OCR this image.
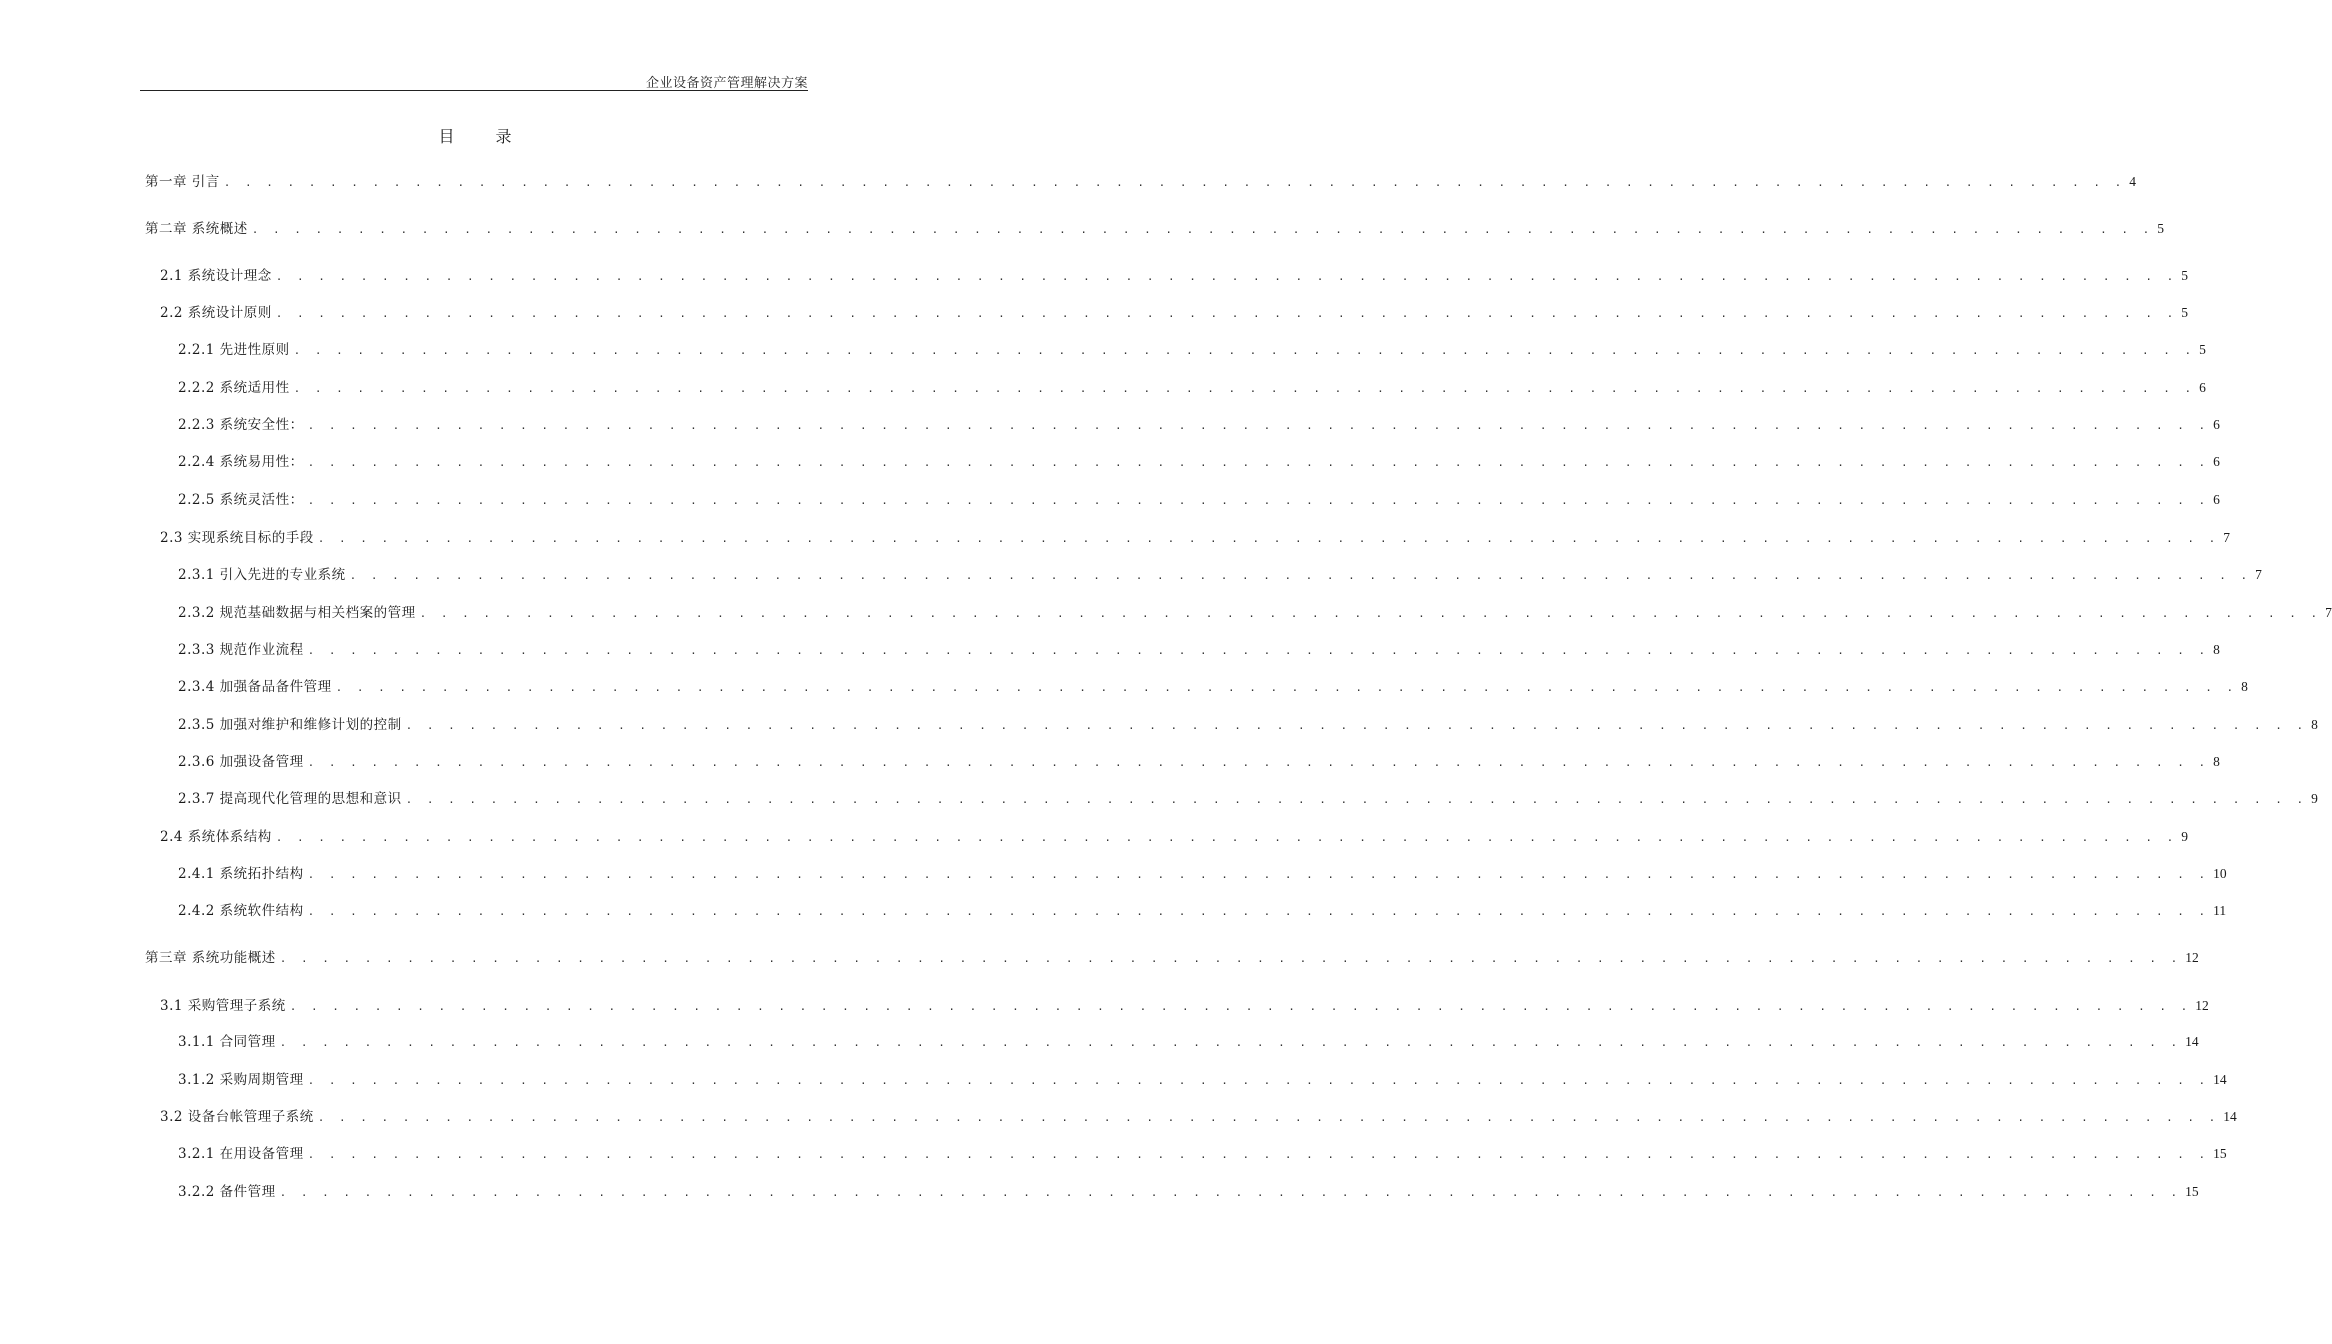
企业设备资产管理解决方案
目 录
第一章 引言 . . . . . . . . . . . . . . . . . . . . . . . . . . . . . . . . . . . . . . . . . . . . . . . . . . . . . . . . . . . . . . . . . . . . . . . . . . . . . . . . . . . . . . . . . . 4
第二章 系统概述 . . . . . . . . . . . . . . . . . . . . . . . . . . . . . . . . . . . . . . . . . . . . . . . . . . . . . . . . . . . . . . . . . . . . . . . . . . . . . . . . . . . . . . . . . . 5
2.1 系统设计理念 . . . . . . . . . . . . . . . . . . . . . . . . . . . . . . . . . . . . . . . . . . . . . . . . . . . . . . . . . . . . . . . . . . . . . . . . . . . . . . . . . . . . . . . . . . 5
2.2 系统设计原则 . . . . . . . . . . . . . . . . . . . . . . . . . . . . . . . . . . . . . . . . . . . . . . . . . . . . . . . . . . . . . . . . . . . . . . . . . . . . . . . . . . . . . . . . . . 5
2.2.1 先进性原则 . . . . . . . . . . . . . . . . . . . . . . . . . . . . . . . . . . . . . . . . . . . . . . . . . . . . . . . . . . . . . . . . . . . . . . . . . . . . . . . . . . . . . . . . . . 5
2.2.2 系统适用性 . . . . . . . . . . . . . . . . . . . . . . . . . . . . . . . . . . . . . . . . . . . . . . . . . . . . . . . . . . . . . . . . . . . . . . . . . . . . . . . . . . . . . . . . . . 6
2.2.3 系统安全性： . . . . . . . . . . . . . . . . . . . . . . . . . . . . . . . . . . . . . . . . . . . . . . . . . . . . . . . . . . . . . . . . . . . . . . . . . . . . . . . . . . . . . . . . . . 6
2.2.4 系统易用性： . . . . . . . . . . . . . . . . . . . . . . . . . . . . . . . . . . . . . . . . . . . . . . . . . . . . . . . . . . . . . . . . . . . . . . . . . . . . . . . . . . . . . . . . . . 6
2.2.5 系统灵活性： . . . . . . . . . . . . . . . . . . . . . . . . . . . . . . . . . . . . . . . . . . . . . . . . . . . . . . . . . . . . . . . . . . . . . . . . . . . . . . . . . . . . . . . . . . 6
2.3 实现系统目标的手段 . . . . . . . . . . . . . . . . . . . . . . . . . . . . . . . . . . . . . . . . . . . . . . . . . . . . . . . . . . . . . . . . . . . . . . . . . . . . . . . . . . . . . . . . . . 7
2.3.1 引入先进的专业系统 . . . . . . . . . . . . . . . . . . . . . . . . . . . . . . . . . . . . . . . . . . . . . . . . . . . . . . . . . . . . . . . . . . . . . . . . . . . . . . . . . . . . . . . . . . 7
2.3.2 规范基础数据与相关档案的管理 . . . . . . . . . . . . . . . . . . . . . . . . . . . . . . . . . . . . . . . . . . . . . . . . . . . . . . . . . . . . . . . . . . . . . . . . . . . . . . . . . . . . . . . . . . 7
2.3.3 规范作业流程 . . . . . . . . . . . . . . . . . . . . . . . . . . . . . . . . . . . . . . . . . . . . . . . . . . . . . . . . . . . . . . . . . . . . . . . . . . . . . . . . . . . . . . . . . . 8
2.3.4 加强备品备件管理 . . . . . . . . . . . . . . . . . . . . . . . . . . . . . . . . . . . . . . . . . . . . . . . . . . . . . . . . . . . . . . . . . . . . . . . . . . . . . . . . . . . . . . . . . . 8
2.3.5 加强对维护和维修计划的控制 . . . . . . . . . . . . . . . . . . . . . . . . . . . . . . . . . . . . . . . . . . . . . . . . . . . . . . . . . . . . . . . . . . . . . . . . . . . . . . . . . . . . . . . . . . 8
2.3.6 加强设备管理 . . . . . . . . . . . . . . . . . . . . . . . . . . . . . . . . . . . . . . . . . . . . . . . . . . . . . . . . . . . . . . . . . . . . . . . . . . . . . . . . . . . . . . . . . . 8
2.3.7 提高现代化管理的思想和意识 . . . . . . . . . . . . . . . . . . . . . . . . . . . . . . . . . . . . . . . . . . . . . . . . . . . . . . . . . . . . . . . . . . . . . . . . . . . . . . . . . . . . . . . . . . 9
2.4 系统体系结构 . . . . . . . . . . . . . . . . . . . . . . . . . . . . . . . . . . . . . . . . . . . . . . . . . . . . . . . . . . . . . . . . . . . . . . . . . . . . . . . . . . . . . . . . . . 9
2.4.1 系统拓扑结构 . . . . . . . . . . . . . . . . . . . . . . . . . . . . . . . . . . . . . . . . . . . . . . . . . . . . . . . . . . . . . . . . . . . . . . . . . . . . . . . . . . . . . . . . . . 10
2.4.2 系统软件结构 . . . . . . . . . . . . . . . . . . . . . . . . . . . . . . . . . . . . . . . . . . . . . . . . . . . . . . . . . . . . . . . . . . . . . . . . . . . . . . . . . . . . . . . . . . 11
第三章 系统功能概述 . . . . . . . . . . . . . . . . . . . . . . . . . . . . . . . . . . . . . . . . . . . . . . . . . . . . . . . . . . . . . . . . . . . . . . . . . . . . . . . . . . . . . . . . . . 12
3.1 采购管理子系统 . . . . . . . . . . . . . . . . . . . . . . . . . . . . . . . . . . . . . . . . . . . . . . . . . . . . . . . . . . . . . . . . . . . . . . . . . . . . . . . . . . . . . . . . . . 12
3.1.1 合同管理 . . . . . . . . . . . . . . . . . . . . . . . . . . . . . . . . . . . . . . . . . . . . . . . . . . . . . . . . . . . . . . . . . . . . . . . . . . . . . . . . . . . . . . . . . . 14
3.1.2 采购周期管理 . . . . . . . . . . . . . . . . . . . . . . . . . . . . . . . . . . . . . . . . . . . . . . . . . . . . . . . . . . . . . . . . . . . . . . . . . . . . . . . . . . . . . . . . . . 14
3.2 设备台帐管理子系统 . . . . . . . . . . . . . . . . . . . . . . . . . . . . . . . . . . . . . . . . . . . . . . . . . . . . . . . . . . . . . . . . . . . . . . . . . . . . . . . . . . . . . . . . . . 14
3.2.1 在用设备管理 . . . . . . . . . . . . . . . . . . . . . . . . . . . . . . . . . . . . . . . . . . . . . . . . . . . . . . . . . . . . . . . . . . . . . . . . . . . . . . . . . . . . . . . . . . 15
3.2.2 备件管理 . . . . . . . . . . . . . . . . . . . . . . . . . . . . . . . . . . . . . . . . . . . . . . . . . . . . . . . . . . . . . . . . . . . . . . . . . . . . . . . . . . . . . . . . . . 15
